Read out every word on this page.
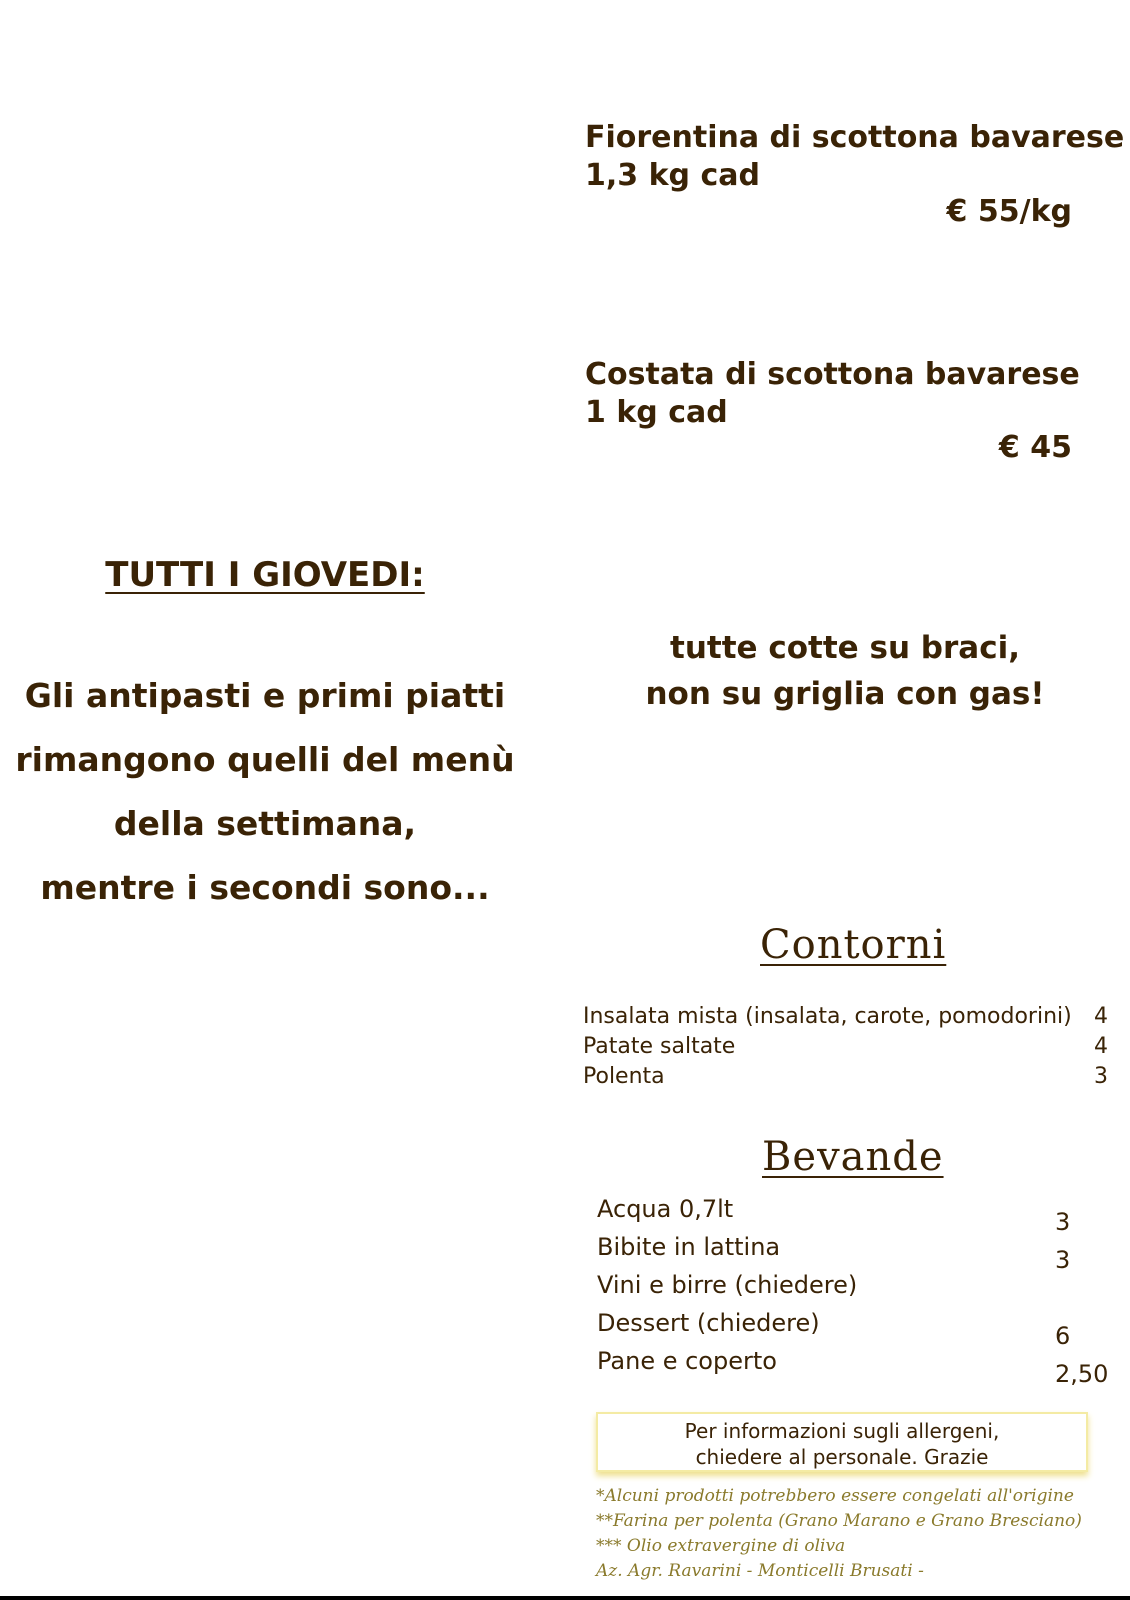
Fiorentina di scottona bavarese
1,3 kg cad
€ 55/kg
Costata di scottona bavarese
1 kg cad
€ 45
TUTTI I GIOVEDI:
Gli antipasti e primi piatti
rimangono quelli del menù
della settimana,
mentre i secondi sono...
tutte cotte su braci,
non su griglia con gas!
Contorni
Insalata mista (insalata, carote, pomodorini) 4
Patate saltate	4
Polenta	3
Bevande
Acqua 0,7lt
Bibite in lattina
Vini e birre (chiedere)
Dessert (chiedere)
Pane e coperto
3
3
6
2,50
Per informazioni sugli allergeni,
chiedere al personale. Grazie
*Alcuni prodotti potrebbero essere congelati all'origine
**Farina per polenta (Grano Marano e Grano Bresciano)
*** Olio extravergine di oliva
Az. Agr. Ravarini - Monticelli Brusati -
